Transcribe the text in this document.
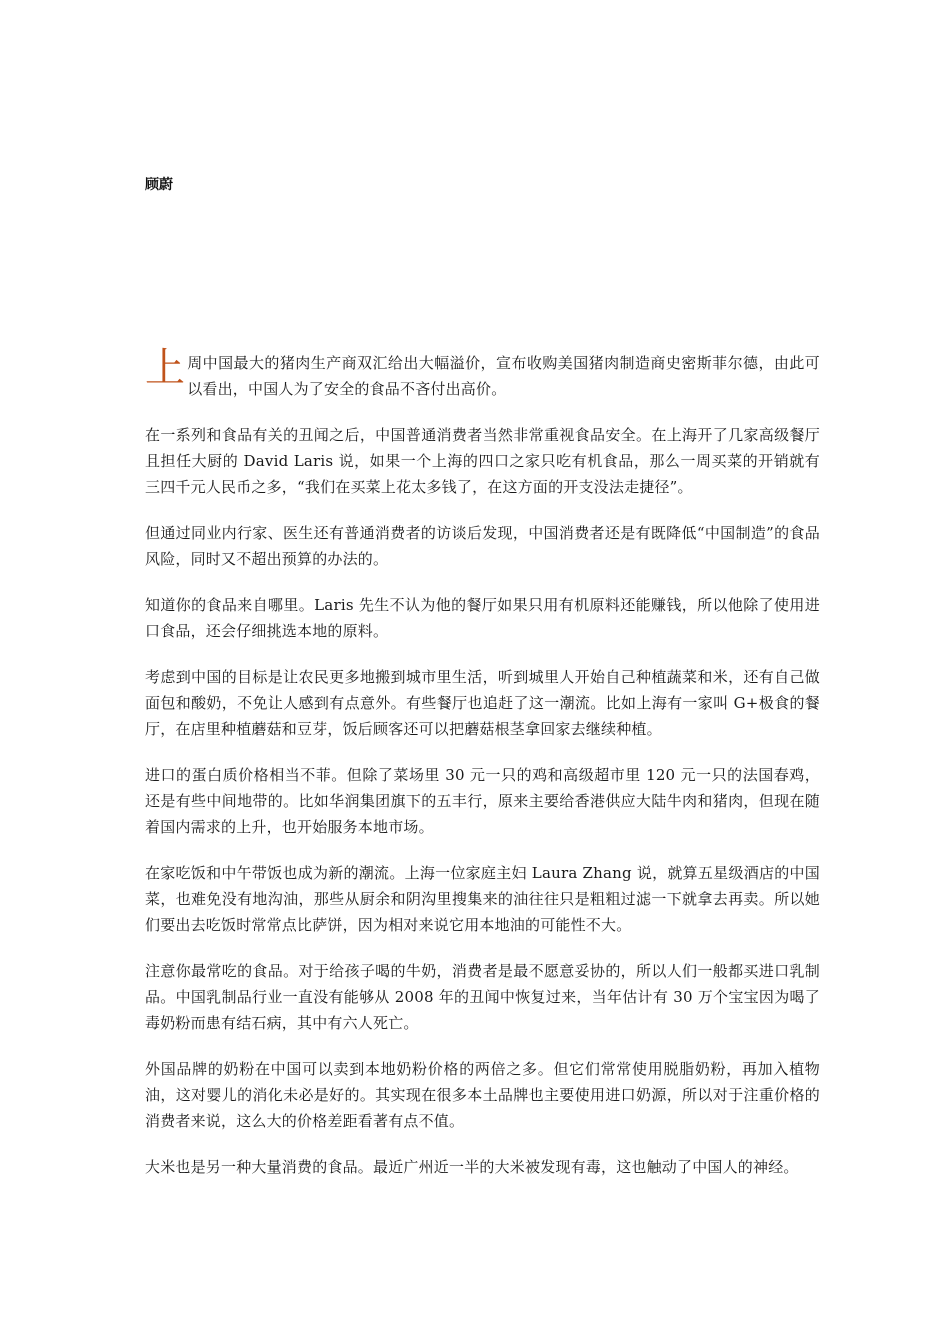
顾蔚

上周中国最大的猪肉生产商双汇给出大幅溢价，宣布收购美国猪肉制造商史密斯菲尔德，由此可以看出，中国人为了安全的食品不吝付出高价。

在一系列和食品有关的丑闻之后，中国普通消费者当然非常重视食品安全。在上海开了几家高级餐厅且担任大厨的 David Laris 说，如果一个上海的四口之家只吃有机食品，那么一周买菜的开销就有三四千元人民币之多，“我们在买菜上花太多钱了，在这方面的开支没法走捷径”。

但通过同业内行家、医生还有普通消费者的访谈后发现，中国消费者还是有既降低“中国制造”的食品风险，同时又不超出预算的办法的。

知道你的食品来自哪里。Laris 先生不认为他的餐厅如果只用有机原料还能赚钱，所以他除了使用进口食品，还会仔细挑选本地的原料。

考虑到中国的目标是让农民更多地搬到城市里生活，听到城里人开始自己种植蔬菜和米，还有自己做面包和酸奶，不免让人感到有点意外。有些餐厅也追赶了这一潮流。比如上海有一家叫 G+极食的餐厅，在店里种植蘑菇和豆芽，饭后顾客还可以把蘑菇根茎拿回家去继续种植。

进口的蛋白质价格相当不菲。但除了菜场里 30 元一只的鸡和高级超市里 120 元一只的法国春鸡，还是有些中间地带的。比如华润集团旗下的五丰行，原来主要给香港供应大陆牛肉和猪肉，但现在随着国内需求的上升，也开始服务本地市场。

在家吃饭和中午带饭也成为新的潮流。上海一位家庭主妇 Laura Zhang 说，就算五星级酒店的中国菜，也难免没有地沟油，那些从厨余和阴沟里搜集来的油往往只是粗粗过滤一下就拿去再卖。所以她们要出去吃饭时常常点比萨饼，因为相对来说它用本地油的可能性不大。

注意你最常吃的食品。对于给孩子喝的牛奶，消费者是最不愿意妥协的，所以人们一般都买进口乳制品。中国乳制品行业一直没有能够从 2008 年的丑闻中恢复过来，当年估计有 30 万个宝宝因为喝了毒奶粉而患有结石病，其中有六人死亡。

外国品牌的奶粉在中国可以卖到本地奶粉价格的两倍之多。但它们常常使用脱脂奶粉，再加入植物油，这对婴儿的消化未必是好的。其实现在很多本土品牌也主要使用进口奶源，所以对于注重价格的消费者来说，这么大的价格差距看著有点不值。

大米也是另一种大量消费的食品。最近广州近一半的大米被发现有毒，这也触动了中国人的神经。
